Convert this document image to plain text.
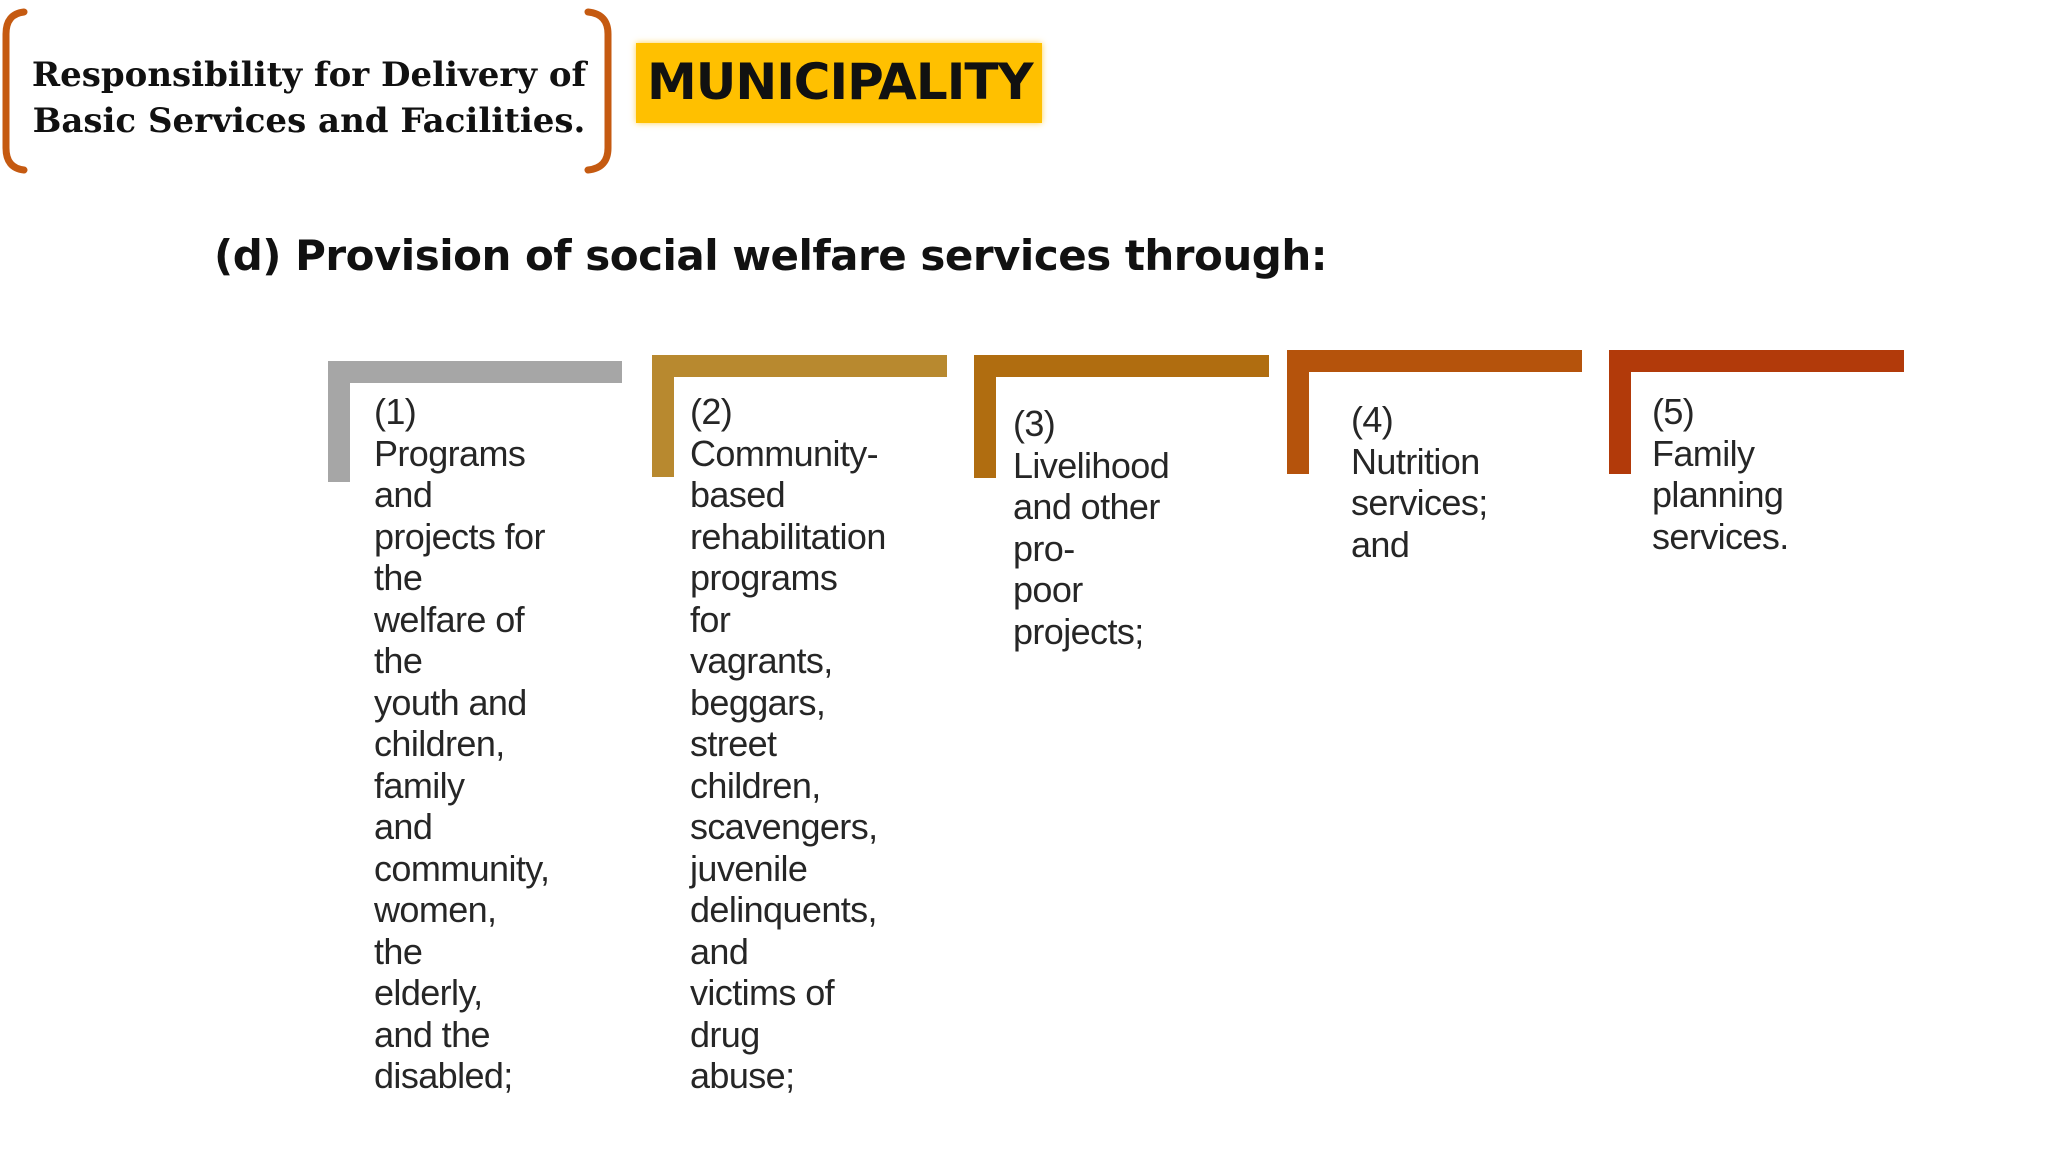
Responsibility for Delivery of
Basic Services and Facilities.
MUNICIPALITY
(d) Provision of social welfare services through:
(1) Programs and
projects for the
welfare of the
youth and
children, family
and community,
women, the
elderly, and the
disabled;
(2) Community-
based
rehabilitation
programs for
vagrants,
beggars, street
children,
scavengers,
juvenile
delinquents, and
victims of drug
abuse;
(3) Livelihood
and other pro-
poor projects;
(4) Nutrition
services; and
(5) Family
planning
services.
